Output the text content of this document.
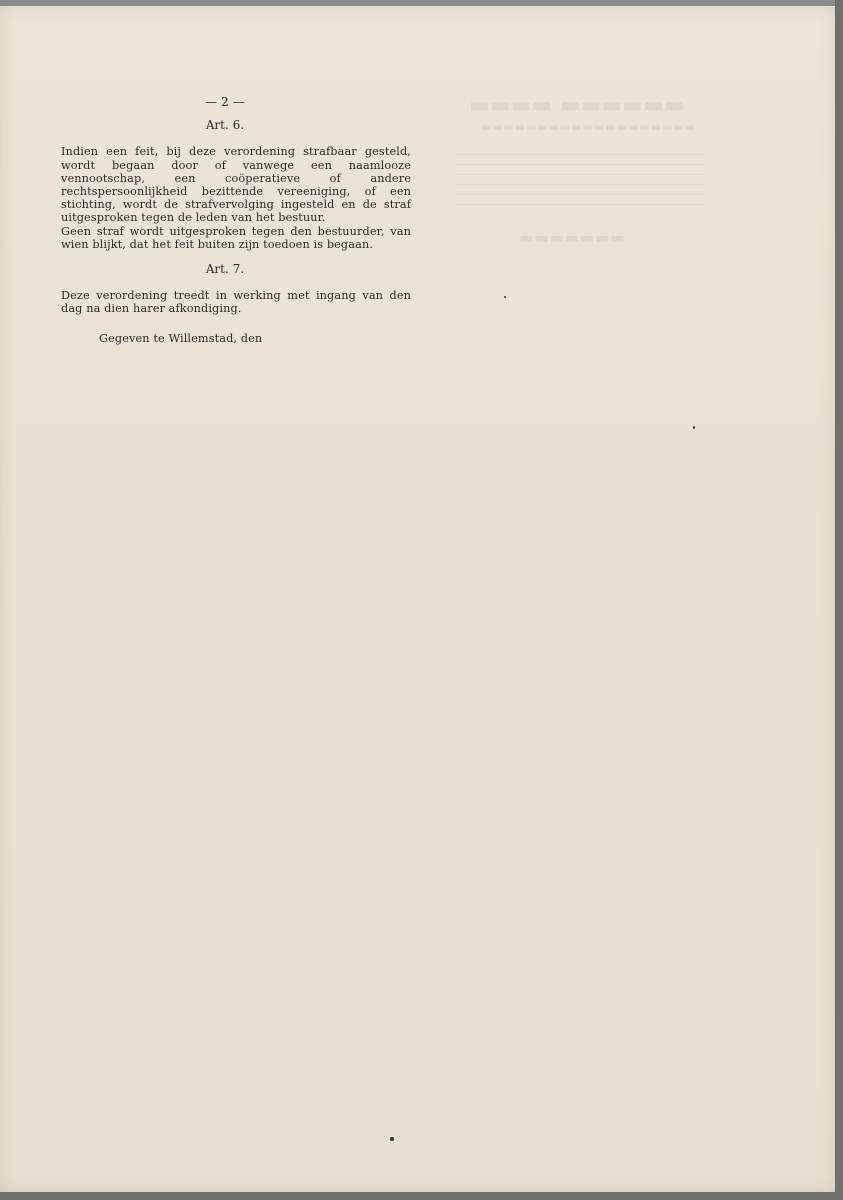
▬▬▬▬▬▬ ▬▬▬▬
▬▬▬▬▬▬▬▬▬▬▬▬▬▬▬▬▬▬▬
▬▬▬▬▬▬▬
— 2 —
Art. 6.

Indien een feit, bij deze verordening strafbaar gesteld, wordt begaan door of vanwege een naamlooze vennootschap, een coöperatieve of andere rechtspersoonlijkheid bezittende vereeniging, of een stichting, wordt de strafvervolging ingesteld en de straf uitgesproken tegen de leden van het bestuur.

Geen straf wordt uitgesproken tegen den bestuurder, van wien blijkt, dat het feit buiten zijn toedoen is begaan.

Art. 7.

Deze verordening treedt in werking met ingang van den dag na dien harer afkondiging.

Gegeven te Willemstad, den
